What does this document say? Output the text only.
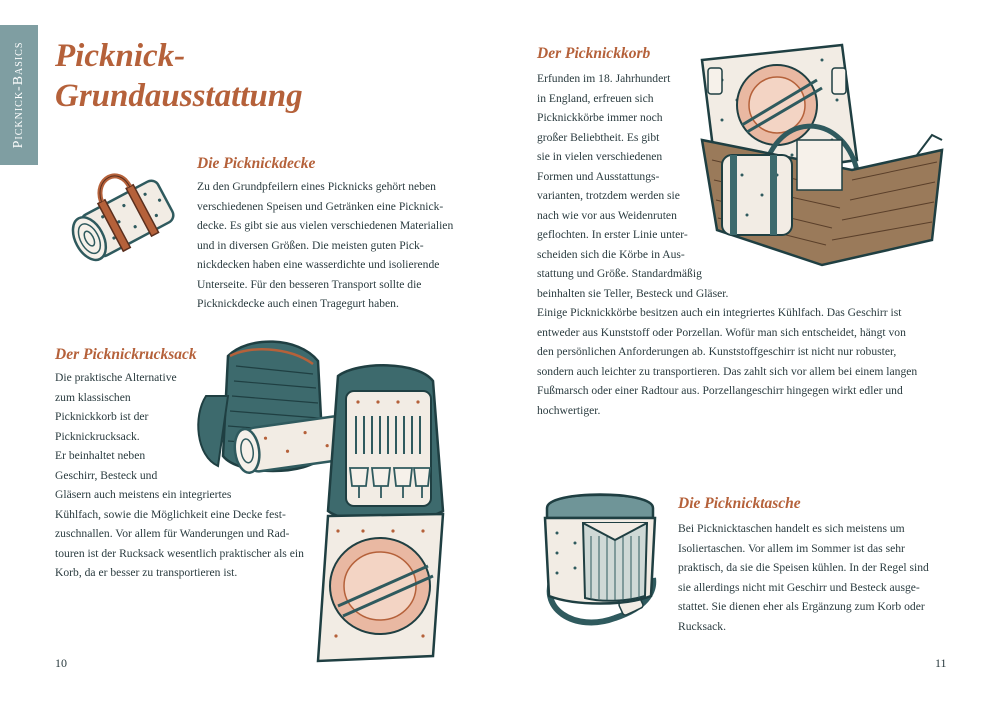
Picknick-Basics Picknick-
Grundausstattung
Die Picknickdecke

Zu den Grundpfeilern eines Picknicks gehört neben
verschiedenen Speisen und Getränken eine Picknick-
decke. Es gibt sie aus vielen verschiedenen Materialien
und in diversen Größen. Die meisten guten Pick-
nickdecken haben eine wasserdichte und isolierende
Unterseite. Für den besseren Transport sollte die
Picknickdecke auch einen Tragegurt haben.

Der Picknickrucksack

Die praktische Alternative
zum klassischen
Picknickkorb ist der
Picknickrucksack.
Er beinhaltet neben
Geschirr, Besteck und
Gläsern auch meistens ein integriertes
Kühlfach, sowie die Möglichkeit eine Decke fest-
zuschnallen. Vor allem für Wanderungen und Rad-
touren ist der Rucksack wesentlich praktischer als ein
Korb, da er besser zu transportieren ist.

10
Der Picknickkorb

Erfunden im 18. Jahrhundert
in England, erfreuen sich
Picknickkörbe immer noch
großer Beliebtheit. Es gibt
sie in vielen verschiedenen
Formen und Ausstattungs-
varianten, trotzdem werden sie
nach wie vor aus Weidenruten
geflochten. In erster Linie unter-
scheiden sich die Körbe in Aus-
stattung und Größe. Standardmäßig
beinhalten sie Teller, Besteck und Gläser.
Einige Picknickkörbe besitzen auch ein integriertes Kühlfach. Das Geschirr ist
entweder aus Kunststoff oder Porzellan. Wofür man sich entscheidet, hängt von
den persönlichen Anforderungen ab. Kunststoffgeschirr ist nicht nur robuster,
sondern auch leichter zu transportieren. Das zahlt sich vor allem bei einem langen
Fußmarsch oder einer Radtour aus. Porzellangeschirr hingegen wirkt edler und
hochwertiger.

Die Picknicktasche

Bei Picknicktaschen handelt es sich meistens um
Isoliertaschen. Vor allem im Sommer ist das sehr
praktisch, da sie die Speisen kühlen. In der Regel sind
sie allerdings nicht mit Geschirr und Besteck ausge-
stattet. Sie dienen eher als Ergänzung zum Korb oder
Rucksack.

11
